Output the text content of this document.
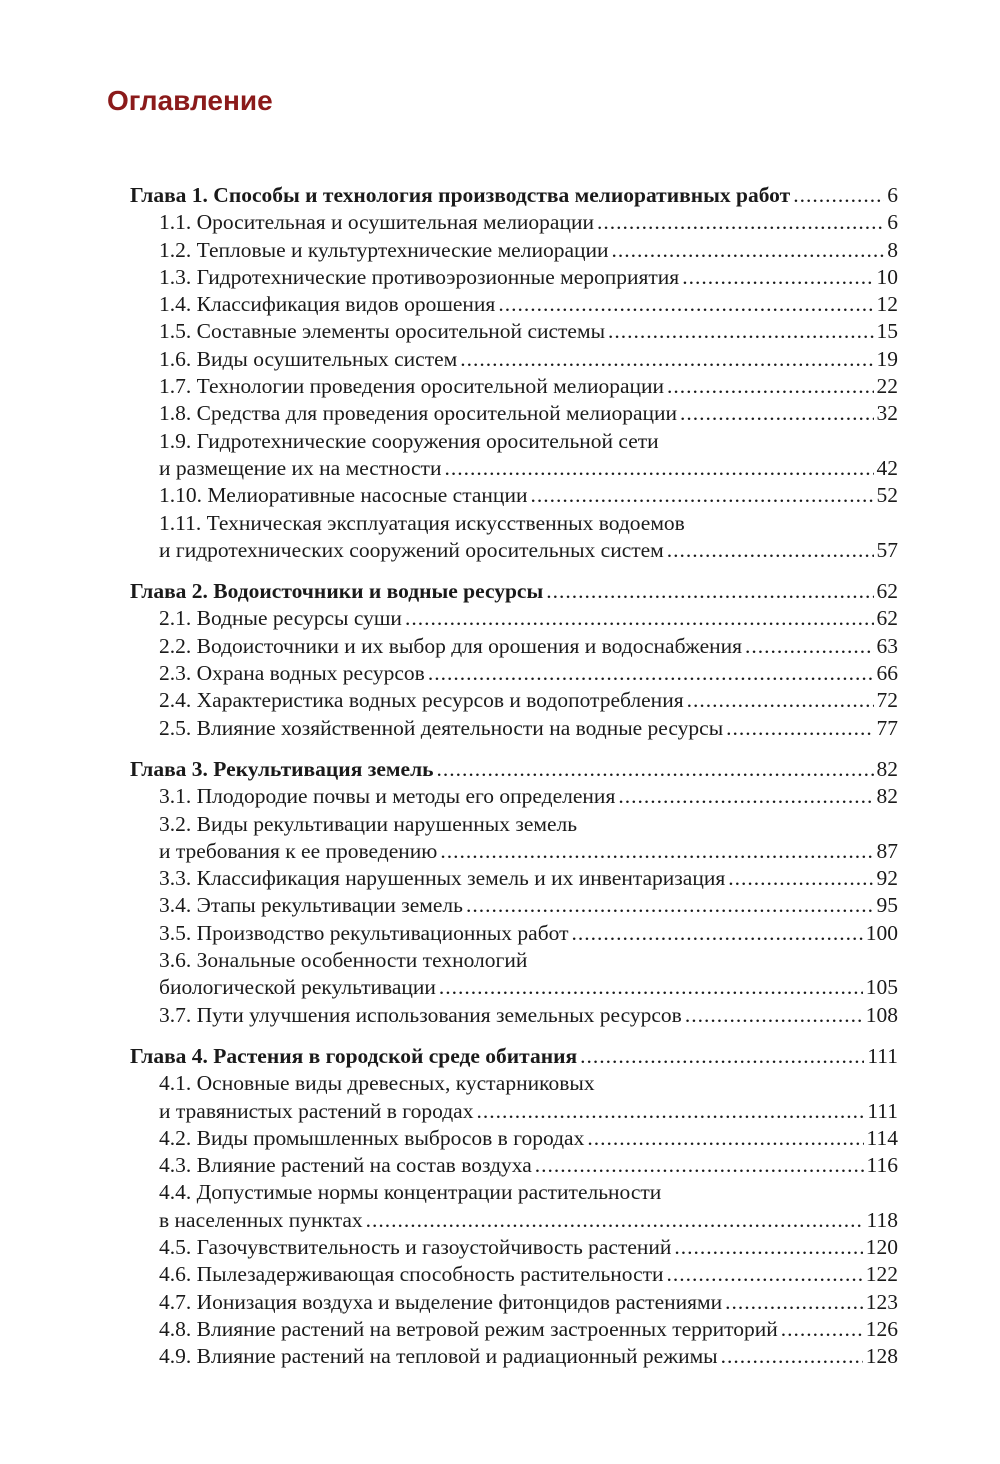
Оглавление
Глава 1. Способы и технология производства мелиоративных работ .....	6
1.1. Оросительная и осушительная мелиорации .....	6
1.2. Тепловые и культуртехнические мелиорации .....	8
1.3. Гидротехнические противоэрозионные мероприятия .....	10
1.4. Классификация видов орошения .....	12
1.5. Составные элементы оросительной системы .....	15
1.6. Виды осушительных систем .....	19
1.7. Технологии проведения оросительной мелиорации .....	22
1.8. Средства для проведения оросительной мелиорации .....	32
1.9. Гидротехнические сооружения оросительной сети
и размещение их на местности .....	42
1.10. Мелиоративные насосные станции .....	52
1.11. Техническая эксплуатация искусственных водоемов
и гидротехнических сооружений оросительных систем .....	57
Глава 2. Водоисточники и водные ресурсы .....	62
2.1. Водные ресурсы суши .....	62
2.2. Водоисточники и их выбор для орошения и водоснабжения .....	63
2.3. Охрана водных ресурсов .....	66
2.4. Характеристика водных ресурсов и водопотребления .....	72
2.5. Влияние хозяйственной деятельности на водные ресурсы .....	77
Глава 3. Рекультивация земель .....	82
3.1. Плодородие почвы и методы его определения .....	82
3.2. Виды рекультивации нарушенных земель
и требования к ее проведению .....	87
3.3. Классификация нарушенных земель и их инвентаризация .....	92
3.4. Этапы рекультивации земель .....	95
3.5. Производство рекультивационных работ .....	100
3.6. Зональные особенности технологий
биологической рекультивации .....	105
3.7. Пути улучшения использования земельных ресурсов .....	108
Глава 4. Растения в городской среде обитания .....	111
4.1. Основные виды древесных, кустарниковых
и травянистых растений в городах .....	111
4.2. Виды промышленных выбросов в городах .....	114
4.3. Влияние растений на состав воздуха .....	116
4.4. Допустимые нормы концентрации растительности
в населенных пунктах .....	118
4.5. Газочувствительность и газоустойчивость растений .....	120
4.6. Пылезадерживающая способность растительности .....	122
4.7. Ионизация воздуха и выделение фитонцидов растениями .....	123
4.8. Влияние растений на ветровой режим застроенных территорий .....	126
4.9. Влияние растений на тепловой и радиационный режимы .....	128
